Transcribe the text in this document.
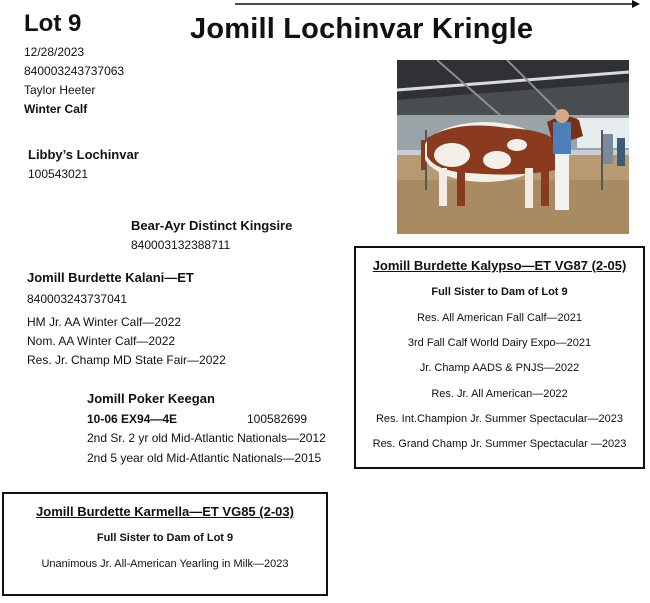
Lot 9	Jomill Lochinvar Kringle
12/28/2023
840003243737063
Taylor Heeter
Winter Calf
Libby’s Lochinvar
100543021
Bear-Ayr Distinct Kingsire
840003132388711
Jomill Burdette Kalani—ET
840003243737041
HM Jr. AA Winter Calf—2022
Nom. AA Winter Calf—2022
Res. Jr. Champ MD State Fair—2022
Jomill Poker Keegan
10-06 EX94—4E	100582699
2nd Sr. 2 yr old Mid-Atlantic Nationals—2012
2nd 5 year old Mid-Atlantic Nationals—2015
Jomill Burdette Kalypso—ET VG87 (2-05)
Full Sister to Dam of Lot 9
Res. All American Fall Calf—2021
3rd Fall Calf World Dairy Expo—2021
Jr. Champ AADS & PNJS—2022
Res. Jr. All American—2022
Res. Int.Champion Jr. Summer Spectacular—2023
Res. Grand Champ Jr. Summer Spectacular —2023
Jomill Burdette Karmella—ET VG85 (2-03)
Full Sister to Dam of Lot 9
Unanimous Jr. All-American Yearling in Milk—2023
